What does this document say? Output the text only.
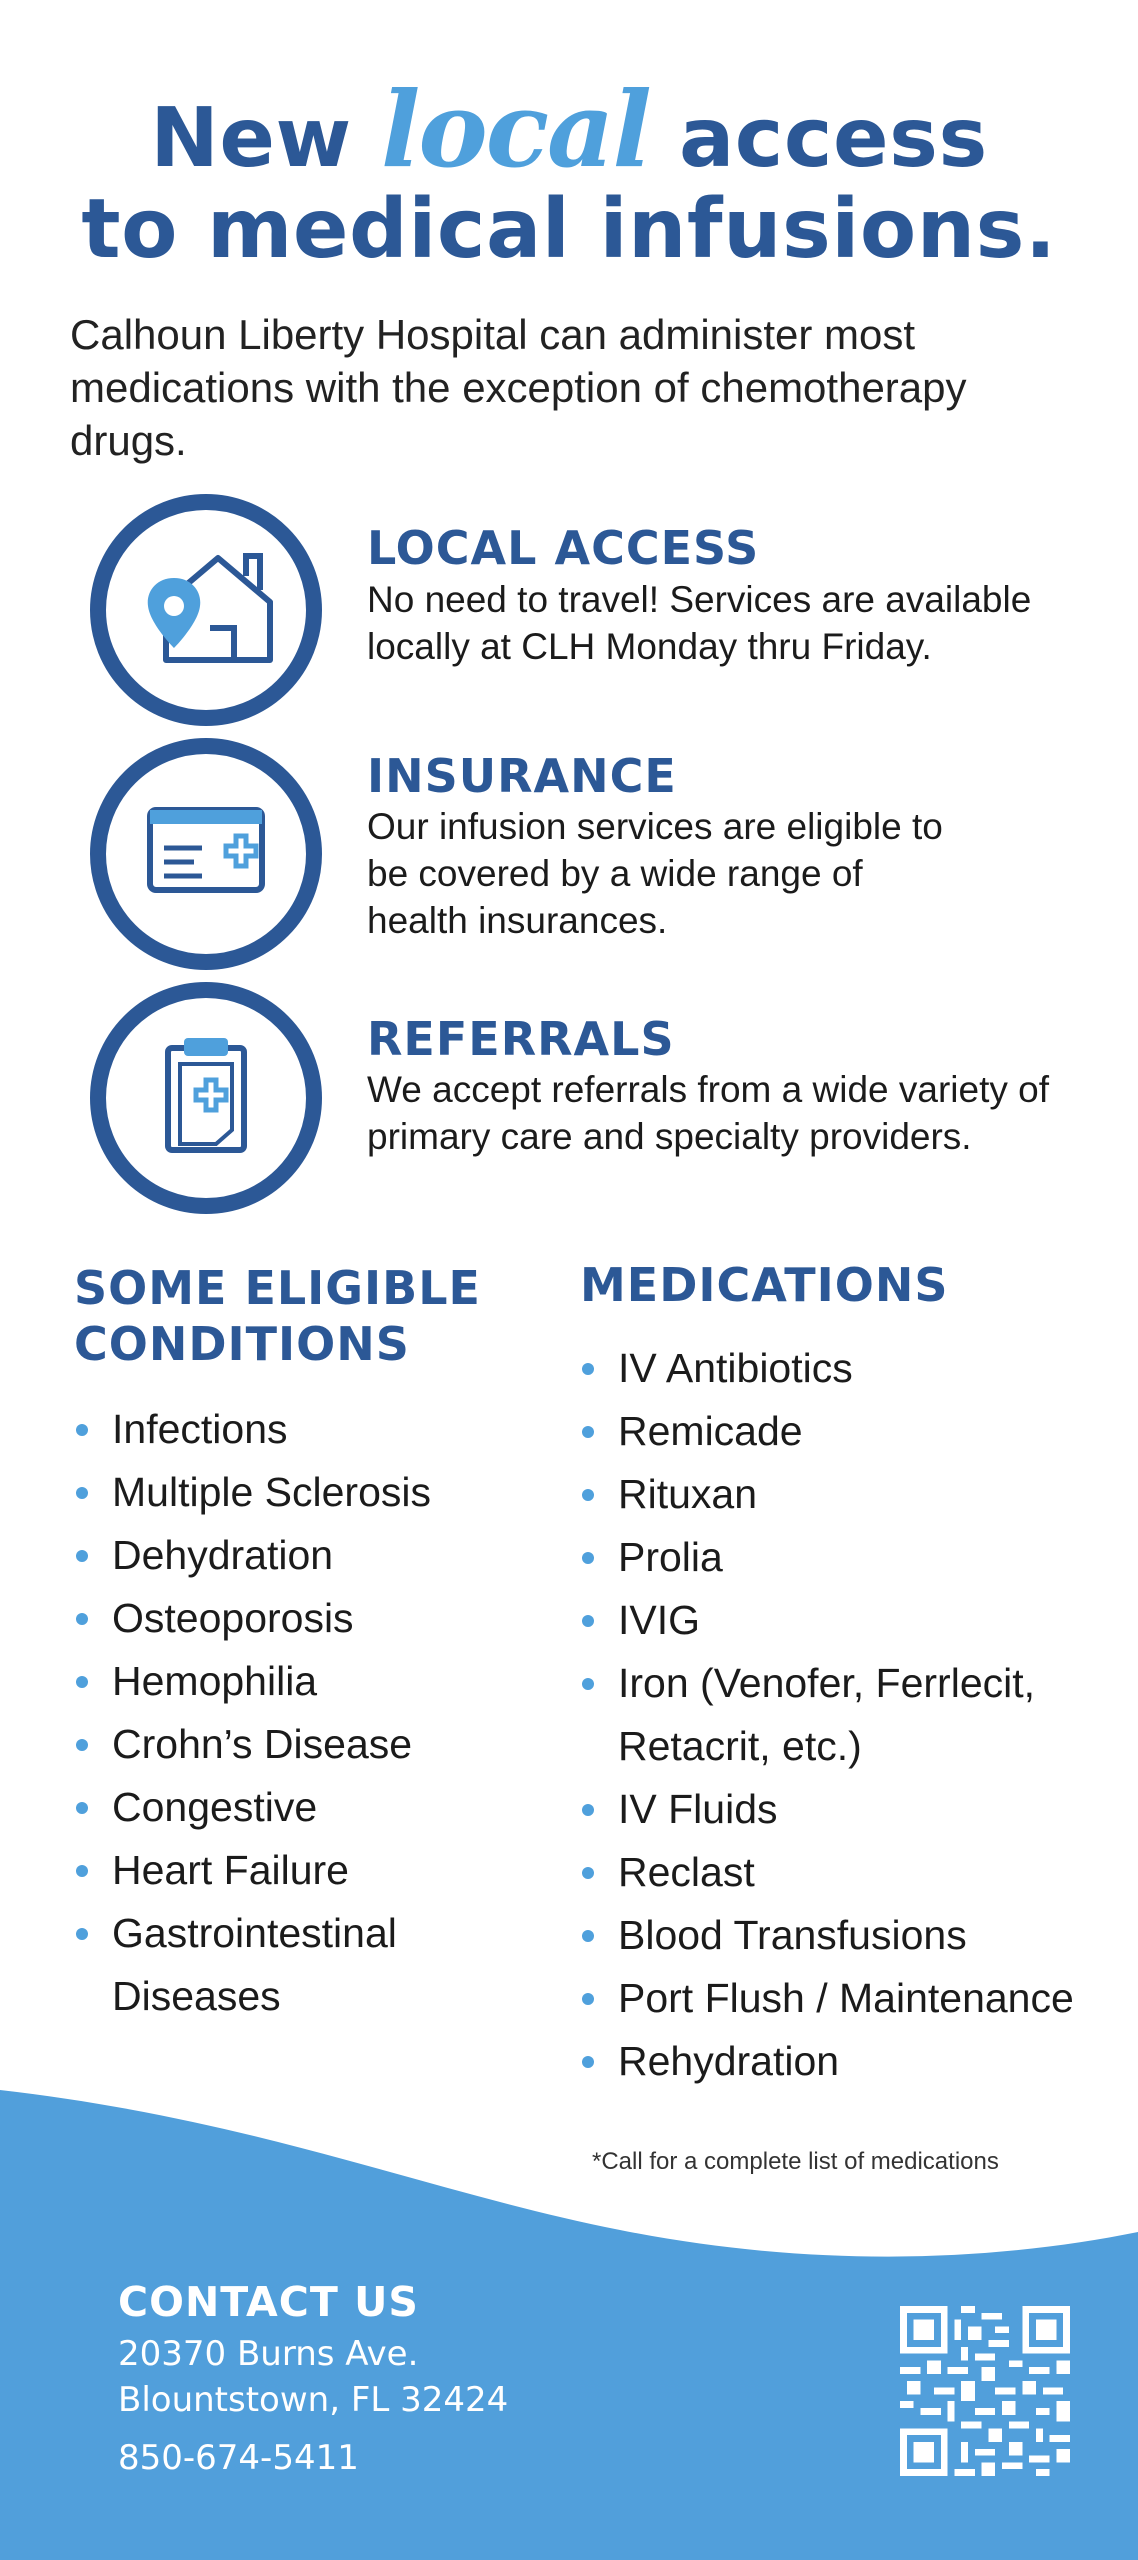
New local access
to medical infusions.
Calhoun Liberty Hospital can administer most medications with the exception of chemotherapy drugs.
LOCAL ACCESS
No need to travel! Services are available locally at CLH Monday thru Friday.
INSURANCE
Our infusion services are eligible to be covered by a wide range of health insurances.
REFERRALS
We accept referrals from a wide variety of primary care and specialty providers.
SOME ELIGIBLE
CONDITIONS
Infections
Multiple Sclerosis
Dehydration
Osteoporosis
Hemophilia
Crohn’s Disease
Congestive
Heart Failure
Gastrointestinal Diseases
MEDICATIONS
IV Antibiotics
Remicade
Rituxan
Prolia
IVIG
Iron (Venofer, Ferrlecit, Retacrit, etc.)
IV Fluids
Reclast
Blood Transfusions
Port Flush / Maintenance
Rehydration
*Call for a complete list of medications
CONTACT US
20370 Burns Ave.
Blountstown, FL 32424
850-674-5411
